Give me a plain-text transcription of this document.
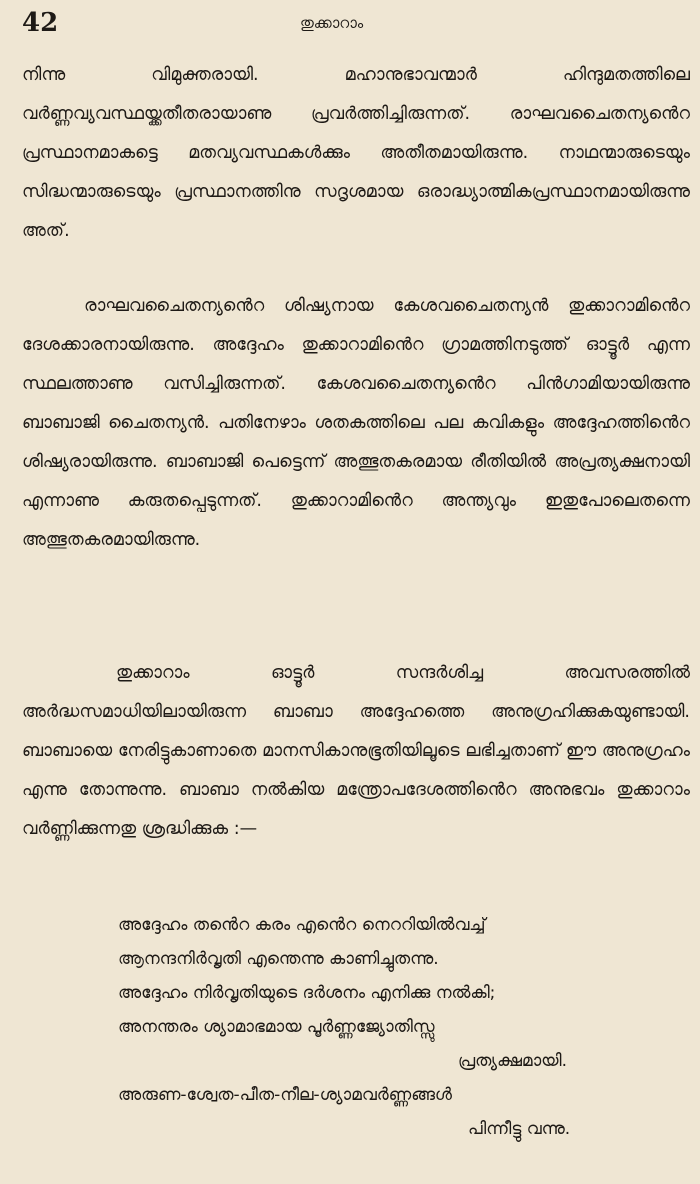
42	തുക്കാറാം

നിന്നു വിമുക്തരായി. മഹാനുഭാവന്മാർ ഹിന്ദുമതത്തിലെ വർണ്ണവ്യവസ്ഥയ്ക്കതീതരായാണു പ്രവർത്തിച്ചിരുന്നത്. രാഘവചൈതന്യൻെറ പ്രസ്ഥാനമാകട്ടെ മതവ്യവസ്ഥകൾക്കും അതീതമായിരുന്നു. നാഥന്മാരുടെയും സിദ്ധന്മാരുടെയും പ്രസ്ഥാനത്തിനു സദൃശമായ ഒരാദ്ധ്യാത്മികപ്രസ്ഥാനമായിരുന്നു അത്.

രാഘവചൈതന്യൻെറ ശിഷ്യനായ കേശവചൈതന്യൻ തുക്കാറാമിൻെറ ദേശക്കാരനായിരുന്നു. അദ്ദേഹം തുക്കാറാമിൻെറ ഗ്രാമത്തിനടുത്ത് ഓട്ടൂർ എന്ന സ്ഥലത്താണു വസിച്ചിരുന്നത്. കേശവചൈതന്യൻെറ പിൻഗാമിയായിരുന്നു ബാബാജി ചൈതന്യൻ. പതിനേഴാം ശതകത്തിലെ പല കവികളും അദ്ദേഹത്തിൻെറ ശിഷ്യരായിരുന്നു. ബാബാജി പെട്ടെന്ന് അത്ഭുതകരമായ രീതിയിൽ അപ്രത്യക്ഷനായി എന്നാണു കരുതപ്പെടുന്നത്. തുക്കാറാമിൻെറ അന്ത്യവും ഇതുപോലെതന്നെ അത്ഭുതകരമായിരുന്നു.

തുക്കാറാം ഓട്ടൂർ സന്ദർശിച്ച അവസരത്തിൽ അർദ്ധസമാധിയിലായിരുന്ന ബാബാ അദ്ദേഹത്തെ അനുഗ്രഹിക്കുകയുണ്ടായി. ബാബായെ നേരിട്ടുകാണാതെ മാനസികാനുഭൂതിയിലൂടെ ലഭിച്ചതാണ് ഈ അനുഗ്രഹം എന്നു തോന്നുന്നു. ബാബാ നൽകിയ മന്ത്രോപദേശത്തിൻെറ അനുഭവം തുക്കാറാം വർണ്ണിക്കുന്നതു ശ്രദ്ധിക്കുക :—

അദ്ദേഹം തൻെറ കരം എൻെറ നെററിയിൽവച്ച്
ആനന്ദനിർവൃതി എന്തെന്നു കാണിച്ചുതന്നു.
അദ്ദേഹം നിർവൃതിയുടെ ദർശനം എനിക്കു നൽകി;
അനന്തരം ശ്യാമാഭമായ പൂർണ്ണജ്യോതിസ്സു
പ്രത്യക്ഷമായി.
അരുണ-ശ്വേത-പീത-നീല-ശ്യാമവർണ്ണങ്ങൾ
പിന്നീട്ടു വന്നു.
